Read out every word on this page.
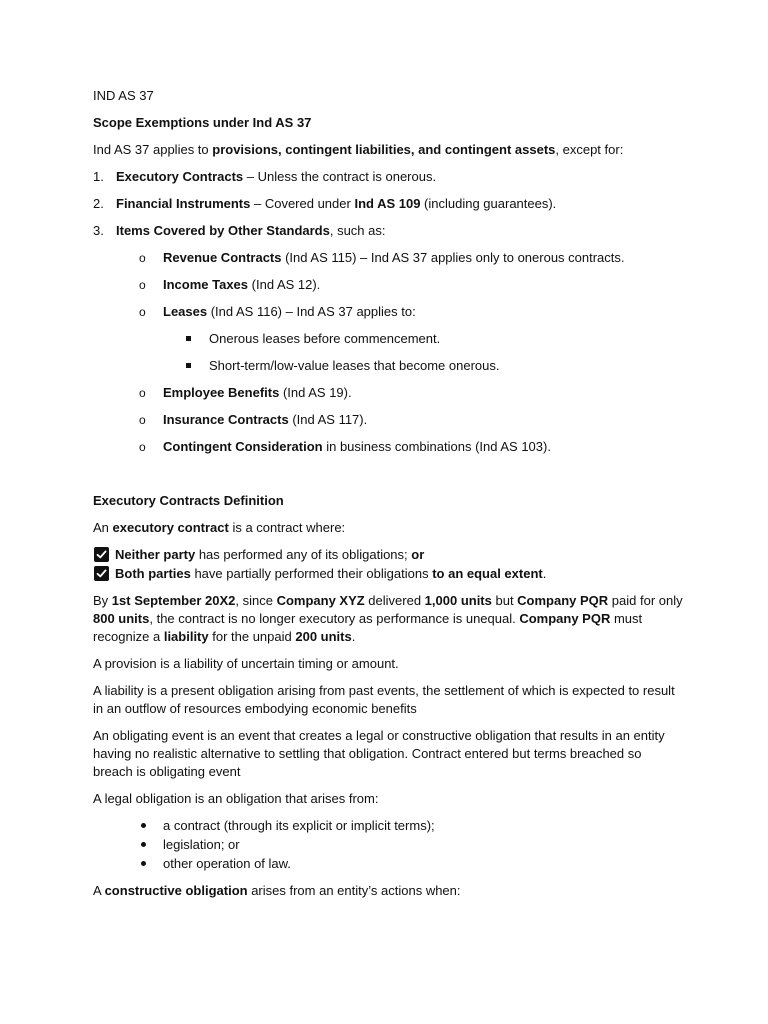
IND AS 37

Scope Exemptions under Ind AS 37

Ind AS 37 applies to provisions, contingent liabilities, and contingent assets, except for:

1. Executory Contracts – Unless the contract is onerous.
2. Financial Instruments – Covered under Ind AS 109 (including guarantees).
3. Items Covered by Other Standards, such as:
o Revenue Contracts (Ind AS 115) – Ind AS 37 applies only to onerous contracts.
o Income Taxes (Ind AS 12).
o Leases (Ind AS 116) – Ind AS 37 applies to:
Onerous leases before commencement.
Short-term/low-value leases that become onerous.
o Employee Benefits (Ind AS 19).
o Insurance Contracts (Ind AS 117).
o Contingent Consideration in business combinations (Ind AS 103).

Executory Contracts Definition

An executory contract is a contract where:

Neither party has performed any of its obligations; or
Both parties have partially performed their obligations to an equal extent.

By 1st September 20X2, since Company XYZ delivered 1,000 units but Company PQR paid for only 800 units, the contract is no longer executory as performance is unequal. Company PQR must recognize a liability for the unpaid 200 units.

A provision is a liability of uncertain timing or amount.

A liability is a present obligation arising from past events, the settlement of which is expected to result in an outflow of resources embodying economic benefits

An obligating event is an event that creates a legal or constructive obligation that results in an entity having no realistic alternative to settling that obligation. Contract entered but terms breached so breach is obligating event

A legal obligation is an obligation that arises from:

a contract (through its explicit or implicit terms);
legislation; or
other operation of law.

A constructive obligation arises from an entity’s actions when:
